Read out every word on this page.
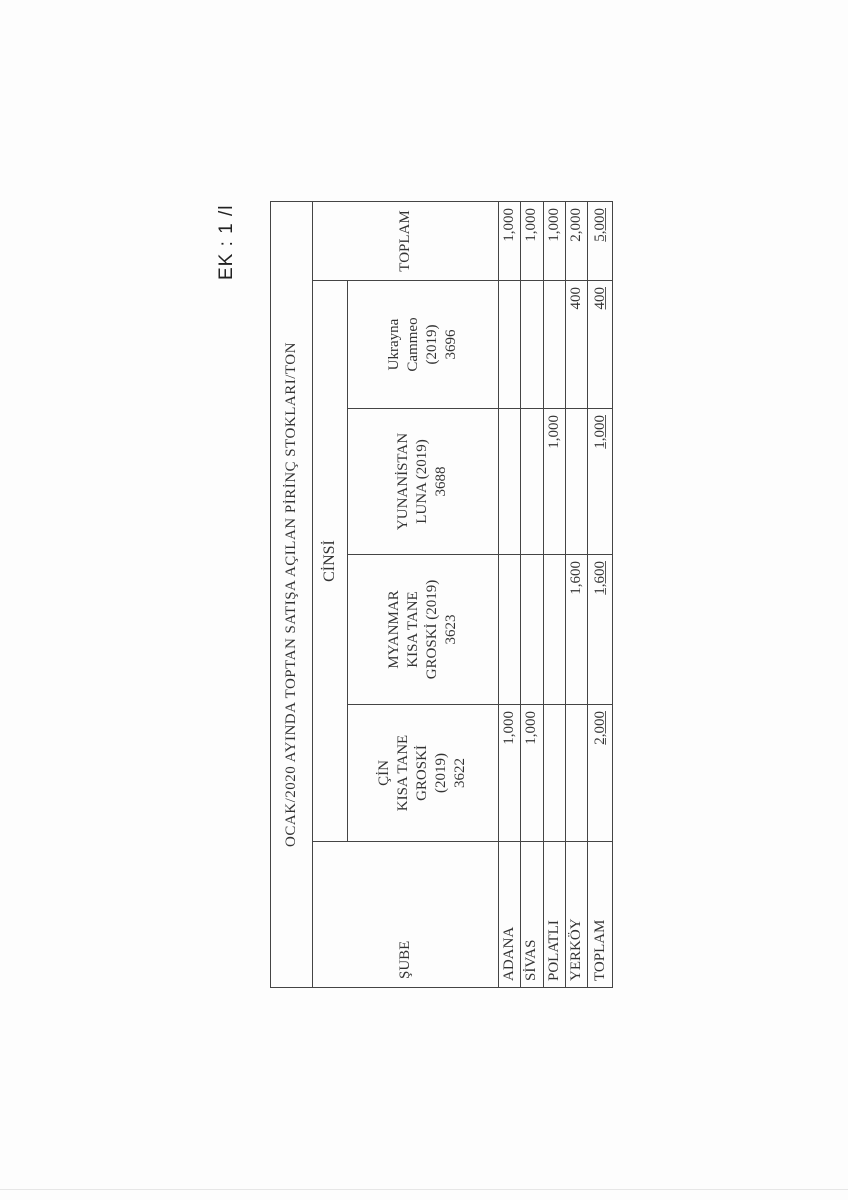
EK : 1 /l
OCAK/2020 AYINDA TOPTAN SATIŞA AÇILAN PİRİNÇ STOKLARI/TON					
ŞUBE	CİNSİ				TOPLAM

	ÇİN KISA TANE GROSKİ (2019) 3622	MYANMAR KISA TANE GROSKİ (2019) 3623	YUNANİSTAN LUNA (2019) 3688	Ukrayna Cammeo (2019) 3696	

ADANA	1,000				1,000
SİVAS	1,000				1,000
POLATLI			1,000		1,000
YERKÖY		1,600		400	2,000
TOPLAM	2,000	1,600	1,000	400	5,000
